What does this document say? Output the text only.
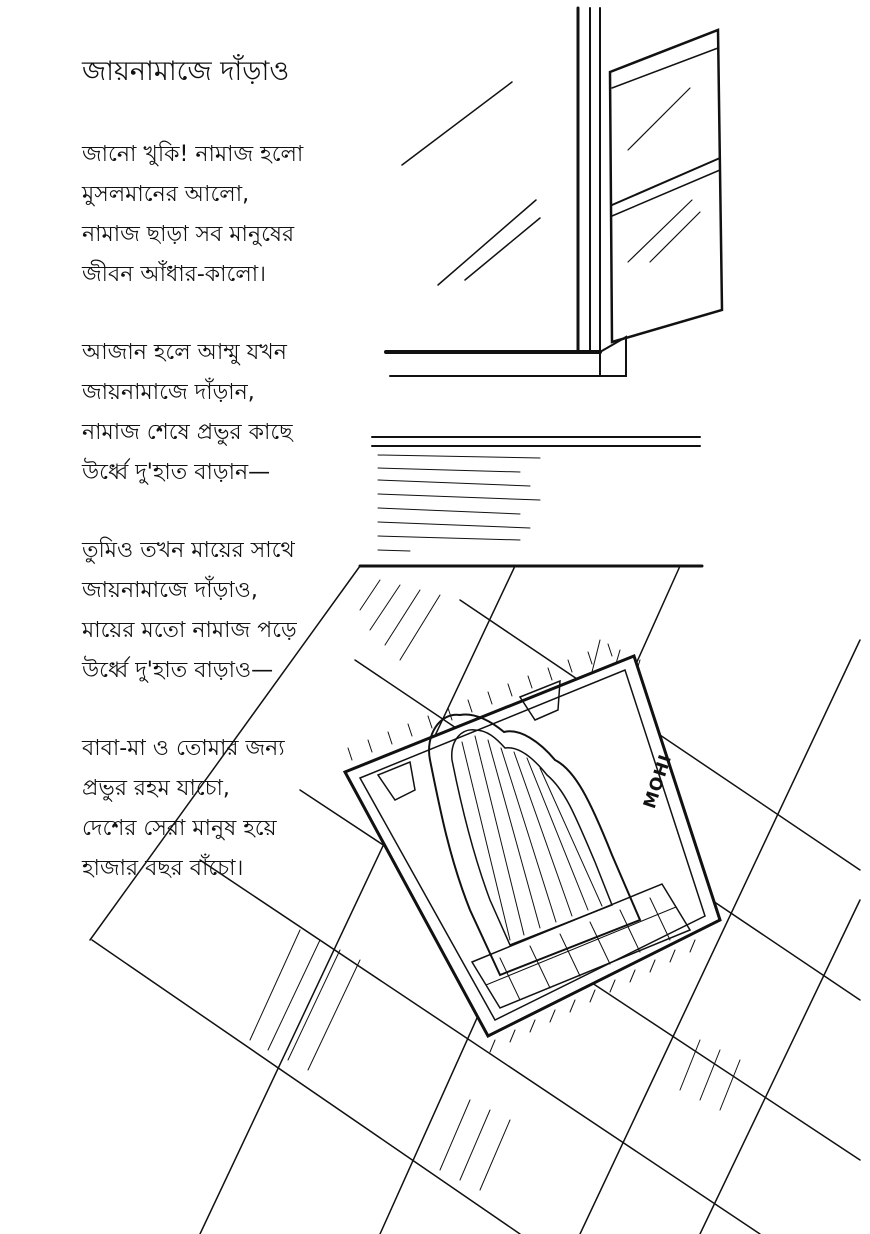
জায়নামাজে দাঁড়াও
জানো খুকি! নামাজ হলো
মুসলমানের আলো,
নামাজ ছাড়া সব মানুষের
জীবন আঁধার-কালো।
আজান হলে আম্মু যখন
জায়নামাজে দাঁড়ান,
নামাজ শেষে প্রভুর কাছে
উর্ধ্বে দু'হাত বাড়ান—
তুমিও তখন মায়ের সাথে
জায়নামাজে দাঁড়াও,
মায়ের মতো নামাজ পড়ে
উর্ধ্বে দু'হাত বাড়াও—
বাবা-মা ও তোমার জন্য
প্রভুর রহম যাচো,
দেশের সেরা মানুষ হয়ে
হাজার বছর বাঁচো।
MOHI
